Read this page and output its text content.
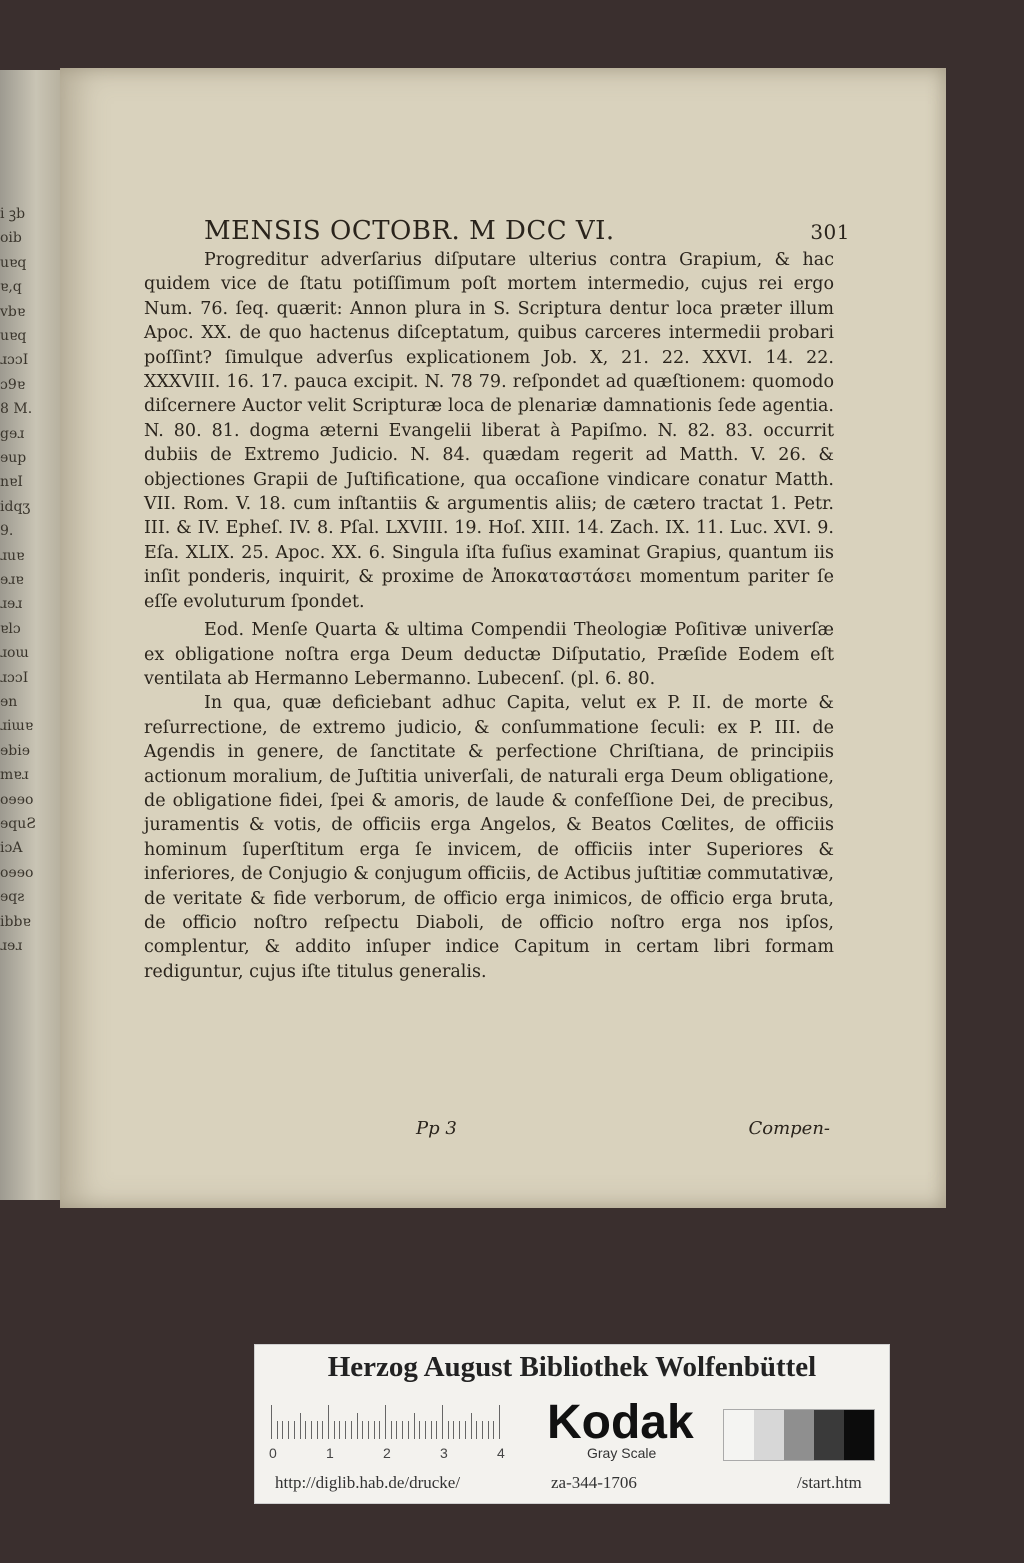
i ꝫb
oib
uɐq
ɐ,q
vbɐ
uɐq
ɹɔɔI
ɔ9ɐ
8 M.
gɘɹ
ɘup
nɐI
idqʒ
9.
ɹuɐ
ɘɹɐ
ɹɘɹ
ɐlɔ
ɹoɯ
ɹɔɔI
ɘn
ɹiɯɐ
ɘbiɘ
mɐɹ
oɘɘo
ɘquƧ
iɔA
oɘɘo
ɘqƨ
ibbɐ
ɹɘɹ
MENSIS OCTOBR. M DCC VI.	301

Progreditur adverſarius diſputare ulterius contra Grapium, & hac quidem vice de ſtatu potiſſimum poſt mortem intermedio, cujus rei ergo Num. 76. ſeq. quærit: Annon plura in S. Scriptura dentur loca præter illum Apoc. XX. de quo hactenus diſceptatum, quibus carceres intermedii probari poſſint? ſimulque adverſus explicationem Job. X, 21. 22. XXVI. 14. 22. XXXVIII. 16. 17. pauca excipit. N. 78 79. reſpondet ad quæſtionem: quomodo diſcernere Auctor velit Scripturæ loca de plenariæ damnationis ſede agentia. N. 80. 81. dogma æterni Evangelii liberat à Papiſmo. N. 82. 83. occurrit dubiis de Extremo Judicio. N. 84. quædam regerit ad Matth. V. 26. & objectiones Grapii de Juſtificatione, qua occaſione vindicare conatur Matth. VII. Rom. V. 18. cum inſtantiis & argumentis aliis; de cætero tractat 1. Petr. III. & IV. Epheſ. IV. 8. Pſal. LXVIII. 19. Hoſ. XIII. 14. Zach. IX. 11. Luc. XVI. 9. Eſa. XLIX. 25. Apoc. XX. 6. Singula iſta fuſius examinat Grapius, quantum iis inſit ponderis, inquirit, & proxime de Ἀποκαταστάσει momentum pariter ſe eſſe evoluturum ſpondet.

Eod. Menſe Quarta & ultima Compendii Theologiæ Poſitivæ univerſæ ex obligatione noſtra erga Deum deductæ Diſputatio, Præſide Eodem eſt ventilata ab Hermanno Lebermanno. Lubecenſ. (pl. 6. 80.

In qua, quæ deficiebant adhuc Capita, velut ex P. II. de morte & reſurrectione, de extremo judicio, & conſummatione ſeculi: ex P. III. de Agendis in genere, de ſanctitate & perfectione Chriſtiana, de principiis actionum moralium, de Juſtitia univerſali, de naturali erga Deum obligatione, de obligatione fidei, ſpei & amoris, de laude & confeſſione Dei, de precibus, juramentis & votis, de officiis erga Angelos, & Beatos Cœlites, de officiis hominum ſuperſtitum erga ſe invicem, de officiis inter Superiores & inferiores, de Conjugio & conjugum officiis, de Actibus juſtitiæ commutativæ, de veritate & fide verborum, de officio erga inimicos, de officio erga bruta, de officio noſtro reſpectu Diaboli, de officio noſtro erga nos ipſos, complentur, & addito inſuper indice Capitum in certam libri formam rediguntur, cujus iſte titulus generalis.

Pp 3	Compen-
Herzog August Bibliothek Wolfenbüttel
0	1	2	3	4
Kodak
Gray Scale
http://diglib.hab.de/drucke/	za-344-1706	/start.htm
